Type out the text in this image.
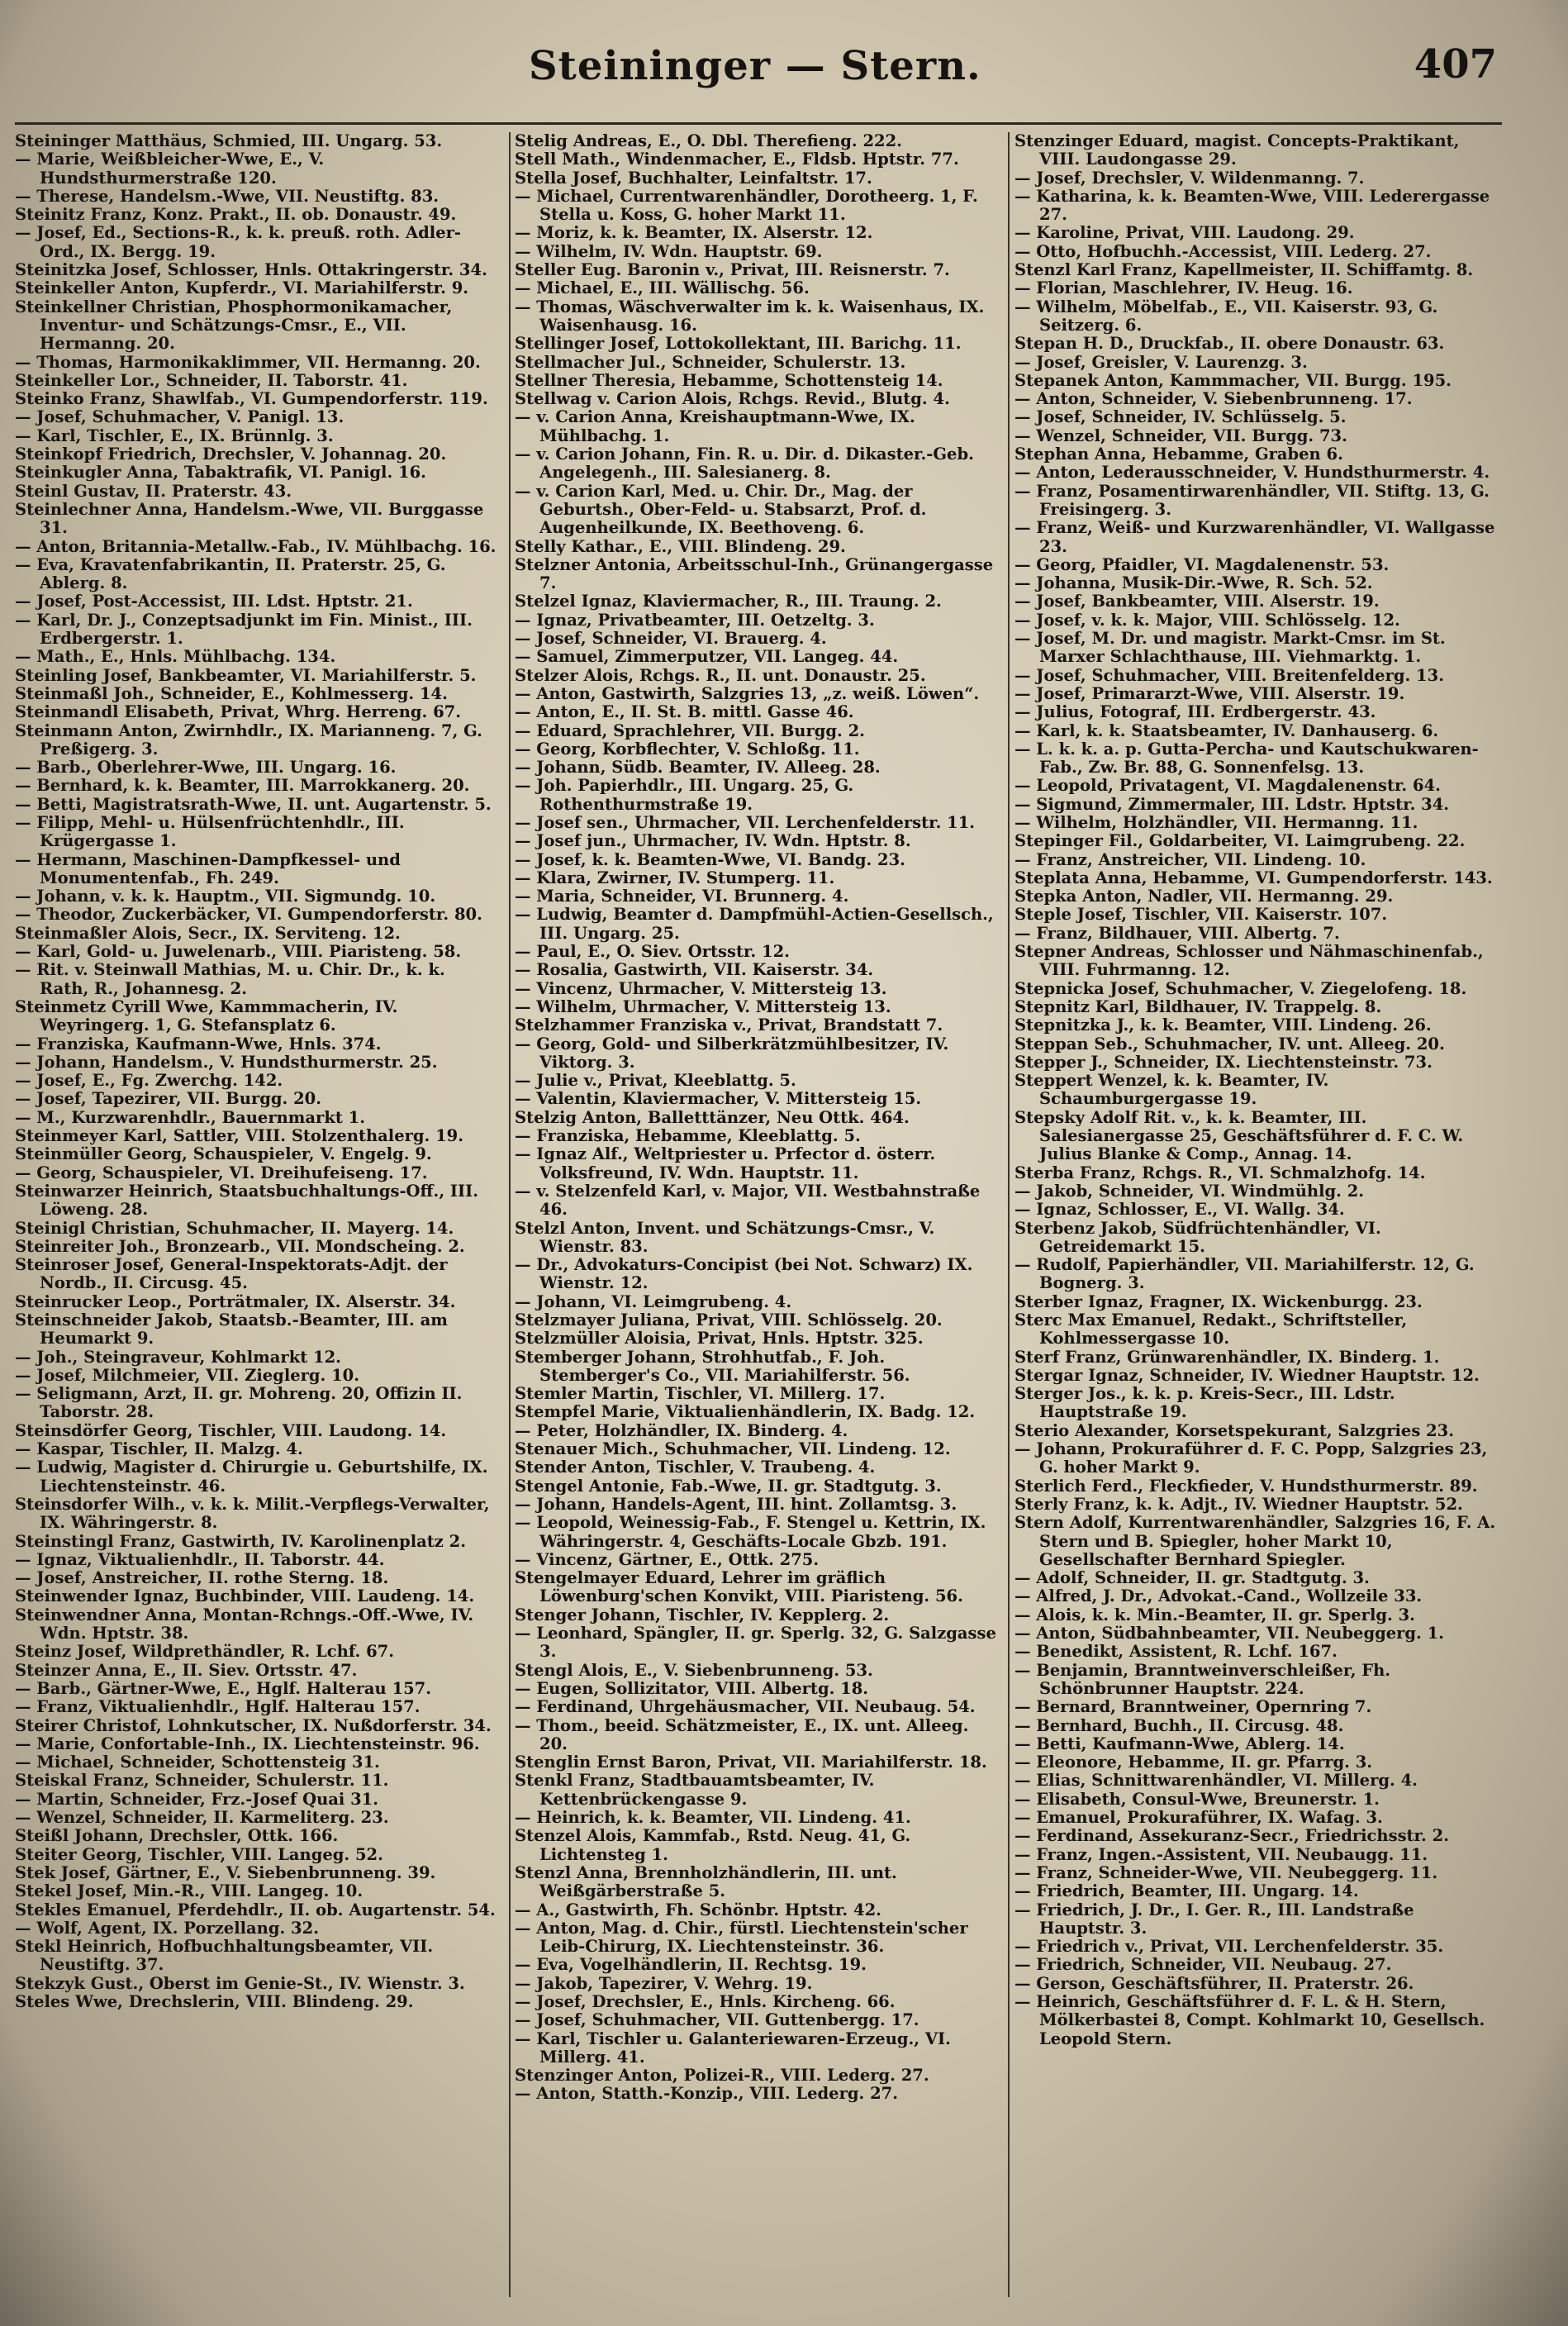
Steininger — Stern.	407

Steininger Matthäus, Schmied, III. Ungarg. 53.

— Marie, Weißbleicher-Wwe, E., V. Hundsthurmerstraße 120.

— Therese, Handelsm.-Wwe, VII. Neustiftg. 83.

Steinitz Franz, Konz. Prakt., II. ob. Donaustr. 49.

— Josef, Ed., Sections-R., k. k. preuß. roth. Adler-Ord., IX. Bergg. 19.

Steinitzka Josef, Schlosser, Hnls. Ottakringerstr. 34.

Steinkeller Anton, Kupferdr., VI. Mariahilferstr. 9.

Steinkellner Christian, Phosphormonikamacher, Inventur- und Schätzungs-Cmsr., E., VII. Hermanng. 20.

— Thomas, Harmonikaklimmer, VII. Hermanng. 20.

Steinkeller Lor., Schneider, II. Taborstr. 41.

Steinko Franz, Shawlfab., VI. Gumpendorferstr. 119.

— Josef, Schuhmacher, V. Panigl. 13.

— Karl, Tischler, E., IX. Brünnlg. 3.

Steinkopf Friedrich, Drechsler, V. Johannag. 20.

Steinkugler Anna, Tabaktrafik, VI. Panigl. 16.

Steinl Gustav, II. Praterstr. 43.

Steinlechner Anna, Handelsm.-Wwe, VII. Burggasse 31.

— Anton, Britannia-Metallw.-Fab., IV. Mühlbachg. 16.

— Eva, Kravatenfabrikantin, II. Praterstr. 25, G. Ablerg. 8.

— Josef, Post-Accessist, III. Ldst. Hptstr. 21.

— Karl, Dr. J., Conzeptsadjunkt im Fin. Minist., III. Erdbergerstr. 1.

— Math., E., Hnls. Mühlbachg. 134.

Steinling Josef, Bankbeamter, VI. Mariahilferstr. 5.

Steinmaßl Joh., Schneider, E., Kohlmesserg. 14.

Steinmandl Elisabeth, Privat, Whrg. Herreng. 67.

Steinmann Anton, Zwirnhdlr., IX. Marianneng. 7, G. Preßigerg. 3.

— Barb., Oberlehrer-Wwe, III. Ungarg. 16.

— Bernhard, k. k. Beamter, III. Marrokkanerg. 20.

— Betti, Magistratsrath-Wwe, II. unt. Augartenstr. 5.

— Filipp, Mehl- u. Hülsenfrüchtenhdlr., III. Krügergasse 1.

— Hermann, Maschinen-Dampfkessel- und Monumentenfab., Fh. 249.

— Johann, v. k. k. Hauptm., VII. Sigmundg. 10.

— Theodor, Zuckerbäcker, VI. Gumpendorferstr. 80.

Steinmaßler Alois, Secr., IX. Serviteng. 12.

— Karl, Gold- u. Juwelenarb., VIII. Piaristeng. 58.

— Rit. v. Steinwall Mathias, M. u. Chir. Dr., k. k. Rath, R., Johannesg. 2.

Steinmetz Cyrill Wwe, Kammmacherin, IV. Weyringerg. 1, G. Stefansplatz 6.

— Franziska, Kaufmann-Wwe, Hnls. 374.

— Johann, Handelsm., V. Hundsthurmerstr. 25.

— Josef, E., Fg. Zwerchg. 142.

— Josef, Tapezirer, VII. Burgg. 20.

— M., Kurzwarenhdlr., Bauernmarkt 1.

Steinmeyer Karl, Sattler, VIII. Stolzenthalerg. 19.

Steinmüller Georg, Schauspieler, V. Engelg. 9.

— Georg, Schauspieler, VI. Dreihufeiseng. 17.

Steinwarzer Heinrich, Staatsbuchhaltungs-Off., III. Löweng. 28.

Steinigl Christian, Schuhmacher, II. Mayerg. 14.

Steinreiter Joh., Bronzearb., VII. Mondscheing. 2.

Steinroser Josef, General-Inspektorats-Adjt. der Nordb., II. Circusg. 45.

Steinrucker Leop., Porträtmaler, IX. Alserstr. 34.

Steinschneider Jakob, Staatsb.-Beamter, III. am Heumarkt 9.

— Joh., Steingraveur, Kohlmarkt 12.

— Josef, Milchmeier, VII. Zieglerg. 10.

— Seligmann, Arzt, II. gr. Mohreng. 20, Offizin II. Taborstr. 28.

Steinsdörfer Georg, Tischler, VIII. Laudong. 14.

— Kaspar, Tischler, II. Malzg. 4.

— Ludwig, Magister d. Chirurgie u. Geburtshilfe, IX. Liechtensteinstr. 46.

Steinsdorfer Wilh., v. k. k. Milit.-Verpflegs-Verwalter, IX. Währingerstr. 8.

Steinstingl Franz, Gastwirth, IV. Karolinenplatz 2.

— Ignaz, Viktualienhdlr., II. Taborstr. 44.

— Josef, Anstreicher, II. rothe Sterng. 18.

Steinwender Ignaz, Buchbinder, VIII. Laudeng. 14.

Steinwendner Anna, Montan-Rchngs.-Off.-Wwe, IV. Wdn. Hptstr. 38.

Steinz Josef, Wildprethändler, R. Lchf. 67.

Steinzer Anna, E., II. Siev. Ortsstr. 47.

— Barb., Gärtner-Wwe, E., Hglf. Halterau 157.

— Franz, Viktualienhdlr., Hglf. Halterau 157.

Steirer Christof, Lohnkutscher, IX. Nußdorferstr. 34.

— Marie, Confortable-Inh., IX. Liechtensteinstr. 96.

— Michael, Schneider, Schottensteig 31.

Steiskal Franz, Schneider, Schulerstr. 11.

— Martin, Schneider, Frz.-Josef Quai 31.

— Wenzel, Schneider, II. Karmeliterg. 23.

Steißl Johann, Drechsler, Ottk. 166.

Steiter Georg, Tischler, VIII. Langeg. 52.

Stek Josef, Gärtner, E., V. Siebenbrunneng. 39.

Stekel Josef, Min.-R., VIII. Langeg. 10.

Stekles Emanuel, Pferdehdlr., II. ob. Augartenstr. 54.

— Wolf, Agent, IX. Porzellang. 32.

Stekl Heinrich, Hofbuchhaltungsbeamter, VII. Neustiftg. 37.

Stekzyk Gust., Oberst im Genie-St., IV. Wienstr. 3.

Steles Wwe, Drechslerin, VIII. Blindeng. 29.

Stelig Andreas, E., O. Dbl. Therefieng. 222.

Stell Math., Windenmacher, E., Fldsb. Hptstr. 77.

Stella Josef, Buchhalter, Leinfaltstr. 17.

— Michael, Currentwarenhändler, Dorotheerg. 1, F. Stella u. Koss, G. hoher Markt 11.

— Moriz, k. k. Beamter, IX. Alserstr. 12.

— Wilhelm, IV. Wdn. Hauptstr. 69.

Steller Eug. Baronin v., Privat, III. Reisnerstr. 7.

— Michael, E., III. Wällischg. 56.

— Thomas, Wäschverwalter im k. k. Waisenhaus, IX. Waisenhausg. 16.

Stellinger Josef, Lottokollektant, III. Barichg. 11.

Stellmacher Jul., Schneider, Schulerstr. 13.

Stellner Theresia, Hebamme, Schottensteig 14.

Stellwag v. Carion Alois, Rchgs. Revid., Blutg. 4.

— v. Carion Anna, Kreishauptmann-Wwe, IX. Mühlbachg. 1.

— v. Carion Johann, Fin. R. u. Dir. d. Dikaster.-Geb. Angelegenh., III. Salesianerg. 8.

— v. Carion Karl, Med. u. Chir. Dr., Mag. der Geburtsh., Ober-Feld- u. Stabsarzt, Prof. d. Augenheilkunde, IX. Beethoveng. 6.

Stelly Kathar., E., VIII. Blindeng. 29.

Stelzner Antonia, Arbeitsschul-Inh., Grünangergasse 7.

Stelzel Ignaz, Klaviermacher, R., III. Traung. 2.

— Ignaz, Privatbeamter, III. Oetzeltg. 3.

— Josef, Schneider, VI. Brauerg. 4.

— Samuel, Zimmerputzer, VII. Langeg. 44.

Stelzer Alois, Rchgs. R., II. unt. Donaustr. 25.

— Anton, Gastwirth, Salzgries 13, „z. weiß. Löwen“.

— Anton, E., II. St. B. mittl. Gasse 46.

— Eduard, Sprachlehrer, VII. Burgg. 2.

— Georg, Korbflechter, V. Schloßg. 11.

— Johann, Südb. Beamter, IV. Alleeg. 28.

— Joh. Papierhdlr., III. Ungarg. 25, G. Rothenthurmstraße 19.

— Josef sen., Uhrmacher, VII. Lerchenfelderstr. 11.

— Josef jun., Uhrmacher, IV. Wdn. Hptstr. 8.

— Josef, k. k. Beamten-Wwe, VI. Bandg. 23.

— Klara, Zwirner, IV. Stumperg. 11.

— Maria, Schneider, VI. Brunnerg. 4.

— Ludwig, Beamter d. Dampfmühl-Actien-Gesellsch., III. Ungarg. 25.

— Paul, E., O. Siev. Ortsstr. 12.

— Rosalia, Gastwirth, VII. Kaiserstr. 34.

— Vincenz, Uhrmacher, V. Mittersteig 13.

— Wilhelm, Uhrmacher, V. Mittersteig 13.

Stelzhammer Franziska v., Privat, Brandstatt 7.

— Georg, Gold- und Silberkrätzmühlbesitzer, IV. Viktorg. 3.

— Julie v., Privat, Kleeblattg. 5.

— Valentin, Klaviermacher, V. Mittersteig 15.

Stelzig Anton, Balletttänzer, Neu Ottk. 464.

— Franziska, Hebamme, Kleeblattg. 5.

— Ignaz Alf., Weltpriester u. Prfector d. österr. Volksfreund, IV. Wdn. Hauptstr. 11.

— v. Stelzenfeld Karl, v. Major, VII. Westbahnstraße 46.

Stelzl Anton, Invent. und Schätzungs-Cmsr., V. Wienstr. 83.

— Dr., Advokaturs-Concipist (bei Not. Schwarz) IX. Wienstr. 12.

— Johann, VI. Leimgrubeng. 4.

Stelzmayer Juliana, Privat, VIII. Schlösselg. 20.

Stelzmüller Aloisia, Privat, Hnls. Hptstr. 325.

Stemberger Johann, Strohhutfab., F. Joh. Stemberger's Co., VII. Mariahilferstr. 56.

Stemler Martin, Tischler, VI. Millerg. 17.

Stempfel Marie, Viktualienhändlerin, IX. Badg. 12.

— Peter, Holzhändler, IX. Binderg. 4.

Stenauer Mich., Schuhmacher, VII. Lindeng. 12.

Stender Anton, Tischler, V. Traubeng. 4.

Stengel Antonie, Fab.-Wwe, II. gr. Stadtgutg. 3.

— Johann, Handels-Agent, III. hint. Zollamtsg. 3.

— Leopold, Weinessig-Fab., F. Stengel u. Kettrin, IX. Währingerstr. 4, Geschäfts-Locale Gbzb. 191.

— Vincenz, Gärtner, E., Ottk. 275.

Stengelmayer Eduard, Lehrer im gräflich Löwenburg'schen Konvikt, VIII. Piaristeng. 56.

Stenger Johann, Tischler, IV. Kepplerg. 2.

— Leonhard, Spängler, II. gr. Sperlg. 32, G. Salzgasse 3.

Stengl Alois, E., V. Siebenbrunneng. 53.

— Eugen, Sollizitator, VIII. Albertg. 18.

— Ferdinand, Uhrgehäusmacher, VII. Neubaug. 54.

— Thom., beeid. Schätzmeister, E., IX. unt. Alleeg. 20.

Stenglin Ernst Baron, Privat, VII. Mariahilferstr. 18.

Stenkl Franz, Stadtbauamtsbeamter, IV. Kettenbrückengasse 9.

— Heinrich, k. k. Beamter, VII. Lindeng. 41.

Stenzel Alois, Kammfab., Rstd. Neug. 41, G. Lichtensteg 1.

Stenzl Anna, Brennholzhändlerin, III. unt. Weißgärberstraße 5.

— A., Gastwirth, Fh. Schönbr. Hptstr. 42.

— Anton, Mag. d. Chir., fürstl. Liechtenstein'scher Leib-Chirurg, IX. Liechtensteinstr. 36.

— Eva, Vogelhändlerin, II. Rechtsg. 19.

— Jakob, Tapezirer, V. Wehrg. 19.

— Josef, Drechsler, E., Hnls. Kircheng. 66.

— Josef, Schuhmacher, VII. Guttenbergg. 17.

— Karl, Tischler u. Galanteriewaren-Erzeug., VI. Millerg. 41.

Stenzinger Anton, Polizei-R., VIII. Lederg. 27.

— Anton, Statth.-Konzip., VIII. Lederg. 27.

Stenzinger Eduard, magist. Concepts-Praktikant, VIII. Laudongasse 29.

— Josef, Drechsler, V. Wildenmanng. 7.

— Katharina, k. k. Beamten-Wwe, VIII. Lederergasse 27.

— Karoline, Privat, VIII. Laudong. 29.

— Otto, Hofbuchh.-Accessist, VIII. Lederg. 27.

Stenzl Karl Franz, Kapellmeister, II. Schiffamtg. 8.

— Florian, Maschlehrer, IV. Heug. 16.

— Wilhelm, Möbelfab., E., VII. Kaiserstr. 93, G. Seitzerg. 6.

Stepan H. D., Druckfab., II. obere Donaustr. 63.

— Josef, Greisler, V. Laurenzg. 3.

Stepanek Anton, Kammmacher, VII. Burgg. 195.

— Anton, Schneider, V. Siebenbrunneng. 17.

— Josef, Schneider, IV. Schlüsselg. 5.

— Wenzel, Schneider, VII. Burgg. 73.

Stephan Anna, Hebamme, Graben 6.

— Anton, Lederausschneider, V. Hundsthurmerstr. 4.

— Franz, Posamentirwarenhändler, VII. Stiftg. 13, G. Freisingerg. 3.

— Franz, Weiß- und Kurzwarenhändler, VI. Wallgasse 23.

— Georg, Pfaidler, VI. Magdalenenstr. 53.

— Johanna, Musik-Dir.-Wwe, R. Sch. 52.

— Josef, Bankbeamter, VIII. Alserstr. 19.

— Josef, v. k. k. Major, VIII. Schlösselg. 12.

— Josef, M. Dr. und magistr. Markt-Cmsr. im St. Marxer Schlachthause, III. Viehmarktg. 1.

— Josef, Schuhmacher, VIII. Breitenfelderg. 13.

— Josef, Primararzt-Wwe, VIII. Alserstr. 19.

— Julius, Fotograf, III. Erdbergerstr. 43.

— Karl, k. k. Staatsbeamter, IV. Danhauserg. 6.

— L. k. k. a. p. Gutta-Percha- und Kautschukwaren-Fab., Zw. Br. 88, G. Sonnenfelsg. 13.

— Leopold, Privatagent, VI. Magdalenenstr. 64.

— Sigmund, Zimmermaler, III. Ldstr. Hptstr. 34.

— Wilhelm, Holzhändler, VII. Hermanng. 11.

Stepinger Fil., Goldarbeiter, VI. Laimgrubeng. 22.

— Franz, Anstreicher, VII. Lindeng. 10.

Steplata Anna, Hebamme, VI. Gumpendorferstr. 143.

Stepka Anton, Nadler, VII. Hermanng. 29.

Steple Josef, Tischler, VII. Kaiserstr. 107.

— Franz, Bildhauer, VIII. Albertg. 7.

Stepner Andreas, Schlosser und Nähmaschinenfab., VIII. Fuhrmanng. 12.

Stepnicka Josef, Schuhmacher, V. Ziegelofeng. 18.

Stepnitz Karl, Bildhauer, IV. Trappelg. 8.

Stepnitzka J., k. k. Beamter, VIII. Lindeng. 26.

Steppan Seb., Schuhmacher, IV. unt. Alleeg. 20.

Stepper J., Schneider, IX. Liechtensteinstr. 73.

Steppert Wenzel, k. k. Beamter, IV. Schaumburgergasse 19.

Stepsky Adolf Rit. v., k. k. Beamter, III. Salesianergasse 25, Geschäftsführer d. F. C. W. Julius Blanke & Comp., Annag. 14.

Sterba Franz, Rchgs. R., VI. Schmalzhofg. 14.

— Jakob, Schneider, VI. Windmühlg. 2.

— Ignaz, Schlosser, E., VI. Wallg. 34.

Sterbenz Jakob, Südfrüchtenhändler, VI. Getreidemarkt 15.

— Rudolf, Papierhändler, VII. Mariahilferstr. 12, G. Bognerg. 3.

Sterber Ignaz, Fragner, IX. Wickenburgg. 23.

Sterc Max Emanuel, Redakt., Schriftsteller, Kohlmessergasse 10.

Sterf Franz, Grünwarenhändler, IX. Binderg. 1.

Stergar Ignaz, Schneider, IV. Wiedner Hauptstr. 12.

Sterger Jos., k. k. p. Kreis-Secr., III. Ldstr. Hauptstraße 19.

Sterio Alexander, Korsetspekurant, Salzgries 23.

— Johann, Prokuraführer d. F. C. Popp, Salzgries 23, G. hoher Markt 9.

Sterlich Ferd., Fleckfieder, V. Hundsthurmerstr. 89.

Sterly Franz, k. k. Adjt., IV. Wiedner Hauptstr. 52.

Stern Adolf, Kurrentwarenhändler, Salzgries 16, F. A. Stern und B. Spiegler, hoher Markt 10, Gesellschafter Bernhard Spiegler.

— Adolf, Schneider, II. gr. Stadtgutg. 3.

— Alfred, J. Dr., Advokat.-Cand., Wollzeile 33.

— Alois, k. k. Min.-Beamter, II. gr. Sperlg. 3.

— Anton, Südbahnbeamter, VII. Neubeggerg. 1.

— Benedikt, Assistent, R. Lchf. 167.

— Benjamin, Branntweinverschleißer, Fh. Schönbrunner Hauptstr. 224.

— Bernard, Branntweiner, Opernring 7.

— Bernhard, Buchh., II. Circusg. 48.

— Betti, Kaufmann-Wwe, Ablerg. 14.

— Eleonore, Hebamme, II. gr. Pfarrg. 3.

— Elias, Schnittwarenhändler, VI. Millerg. 4.

— Elisabeth, Consul-Wwe, Breunerstr. 1.

— Emanuel, Prokuraführer, IX. Wafag. 3.

— Ferdinand, Assekuranz-Secr., Friedrichsstr. 2.

— Franz, Ingen.-Assistent, VII. Neubaugg. 11.

— Franz, Schneider-Wwe, VII. Neubeggerg. 11.

— Friedrich, Beamter, III. Ungarg. 14.

— Friedrich, J. Dr., I. Ger. R., III. Landstraße Hauptstr. 3.

— Friedrich v., Privat, VII. Lerchenfelderstr. 35.

— Friedrich, Schneider, VII. Neubaug. 27.

— Gerson, Geschäftsführer, II. Praterstr. 26.

— Heinrich, Geschäftsführer d. F. L. & H. Stern, Mölkerbastei 8, Compt. Kohlmarkt 10, Gesellsch. Leopold Stern.
